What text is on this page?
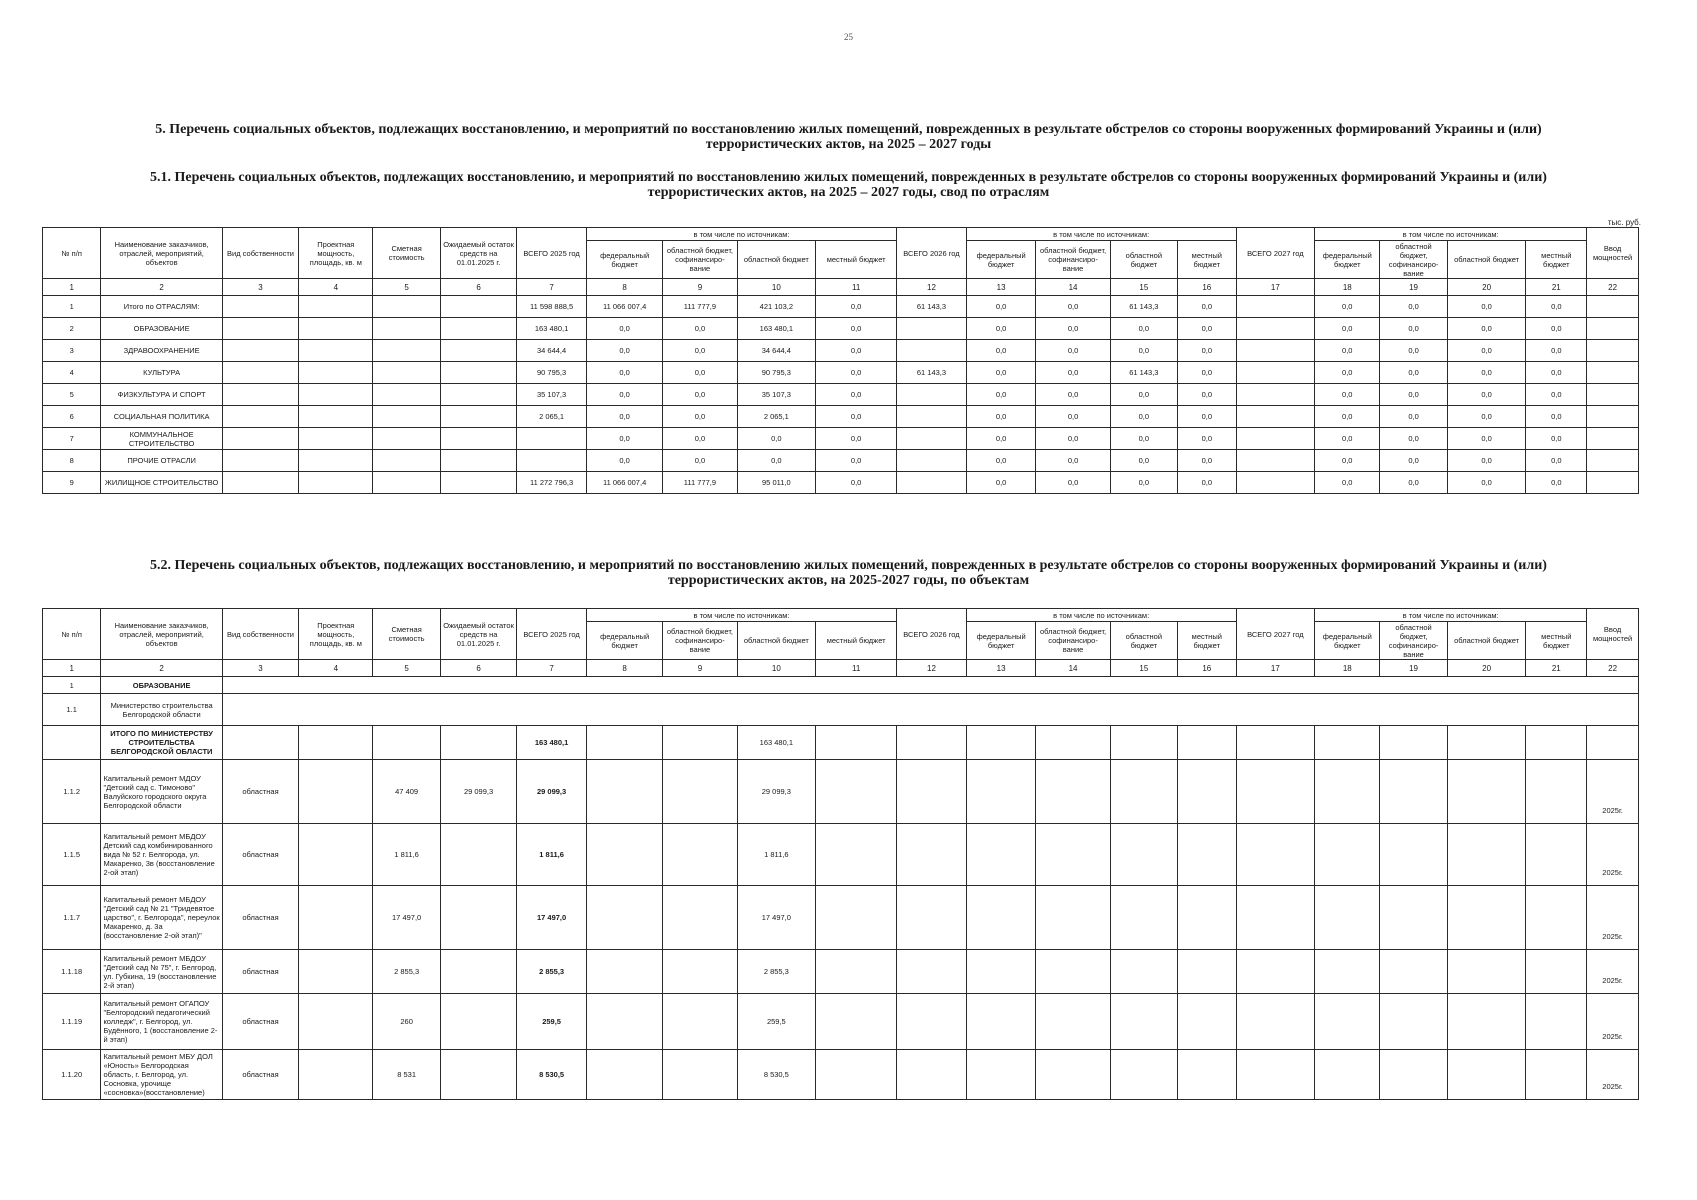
25
5. Перечень социальных объектов, подлежащих восстановлению, и мероприятий по восстановлению жилых помещений, поврежденных в результате обстрелов со стороны вооруженных формирований Украины и (или) террористических актов, на 2025 – 2027 годы
5.1. Перечень социальных объектов, подлежащих восстановлению, и мероприятий по восстановлению жилых помещений, поврежденных в результате обстрелов со стороны вооруженных формирований Украины и (или) террористических актов, на 2025 – 2027 годы, свод по отраслям
тыс. руб.
№ п/п	Наименование заказчиков, отраслей, мероприятий, объектов	Вид собственности	Проектная мощность, площадь, кв. м	Сметная стоимость	Ожидаемый остаток средств на 01.01.2025 г.	ВСЕГО 2025 год	в том числе по источникам:				ВСЕГО 2026 год	в том числе по источникам:				ВСЕГО 2027 год	в том числе по источникам:				Ввод мощностей
							федеральный бюджет	областной бюджет, софинансиро-вание	областной бюджет	местный бюджет		федеральный бюджет	областной бюджет, софинансиро-вание	областной бюджет	местный бюджет		федеральный бюджет	областной бюджет, софинансиро-вание	областной бюджет	местный бюджет	
1	2	3	4	5	6	7	8	9	10	11	12	13	14	15	16	17	18	19	20	21	22
1	Итого по ОТРАСЛЯМ:					11 598 888,5	11 066 007,4	111 777,9	421 103,2	0,0	61 143,3	0,0	0,0	61 143,3	0,0		0,0	0,0	0,0	0,0	
2	ОБРАЗОВАНИЕ					163 480,1	0,0	0,0	163 480,1	0,0		0,0	0,0	0,0	0,0		0,0	0,0	0,0	0,0	
3	ЗДРАВООХРАНЕНИЕ					34 644,4	0,0	0,0	34 644,4	0,0		0,0	0,0	0,0	0,0		0,0	0,0	0,0	0,0	
4	КУЛЬТУРА					90 795,3	0,0	0,0	90 795,3	0,0	61 143,3	0,0	0,0	61 143,3	0,0		0,0	0,0	0,0	0,0	
5	ФИЗКУЛЬТУРА И СПОРТ					35 107,3	0,0	0,0	35 107,3	0,0		0,0	0,0	0,0	0,0		0,0	0,0	0,0	0,0	
6	СОЦИАЛЬНАЯ ПОЛИТИКА					2 065,1	0,0	0,0	2 065,1	0,0		0,0	0,0	0,0	0,0		0,0	0,0	0,0	0,0	
7	КОММУНАЛЬНОЕ СТРОИТЕЛЬСТВО						0,0	0,0	0,0	0,0		0,0	0,0	0,0	0,0		0,0	0,0	0,0	0,0	
8	ПРОЧИЕ ОТРАСЛИ						0,0	0,0	0,0	0,0		0,0	0,0	0,0	0,0		0,0	0,0	0,0	0,0	
9	ЖИЛИЩНОЕ СТРОИТЕЛЬСТВО					11 272 796,3	11 066 007,4	111 777,9	95 011,0	0,0		0,0	0,0	0,0	0,0		0,0	0,0	0,0	0,0	
5.2. Перечень социальных объектов, подлежащих восстановлению, и мероприятий по восстановлению жилых помещений, поврежденных в результате обстрелов со стороны вооруженных формирований Украины и (или) террористических актов, на 2025-2027 годы, по объектам
№ п/п	Наименование заказчиков, отраслей, мероприятий, объектов	Вид собственности	Проектная мощность, площадь, кв. м	Сметная стоимость	Ожидаемый остаток средств на 01.01.2025 г.	ВСЕГО 2025 год	в том числе по источникам:				ВСЕГО 2026 год	в том числе по источникам:				ВСЕГО 2027 год	в том числе по источникам:				Ввод мощностей
							федеральный бюджет	областной бюджет, софинансиро-вание	областной бюджет	местный бюджет		федеральный бюджет	областной бюджет, софинансиро-вание	областной бюджет	местный бюджет		федеральный бюджет	областной бюджет, софинансиро-вание	областной бюджет	местный бюджет	
1	2	3	4	5	6	7	8	9	10	11	12	13	14	15	16	17	18	19	20	21	22
1	ОБРАЗОВАНИЕ																				
1.1	Министерство строительства Белгородской области																				
	ИТОГО ПО МИНИСТЕРСТВУ СТРОИТЕЛЬСТВА БЕЛГОРОДСКОЙ ОБЛАСТИ					163 480,1			163 480,1												
1.1.2	Капитальный ремонт МДОУ "Детский сад с. Тимоново" Валуйского городского округа Белгородской области	областная		47 409	29 099,3	29 099,3			29 099,3												2025г.
1.1.5	Капитальный ремонт МБДОУ Детский сад комбинированного вида № 52 г. Белгорода, ул. Макаренко, 3в (восстановление 2-ой этап)	областная		1 811,6		1 811,6			1 811,6												2025г.
1.1.7	Капитальный ремонт МБДОУ "Детский сад № 21 "Тридевятое царство", г. Белгорода", переулок Макаренко, д. 3а (восстановление 2-ой этап)"	областная		17 497,0		17 497,0			17 497,0												2025г.
1.1.18	Капитальный ремонт МБДОУ "Детский сад № 75", г. Белгород, ул. Губкина, 19 (восстановление 2-й этап)	областная		2 855,3		2 855,3			2 855,3												2025г.
1.1.19	Капитальный ремонт ОГАПОУ "Белгородский педагогический колледж", г. Белгород, ул. Будённого, 1 (восстановление 2-й этап)	областная		260		259,5			259,5												2025г.
1.1.20	Капитальный ремонт МБУ ДОЛ «Юность» Белгородская область, г. Белгород, ул. Сосновка, урочище «сосновка»(восстановление)	областная		8 531		8 530,5			8 530,5												2025г.
